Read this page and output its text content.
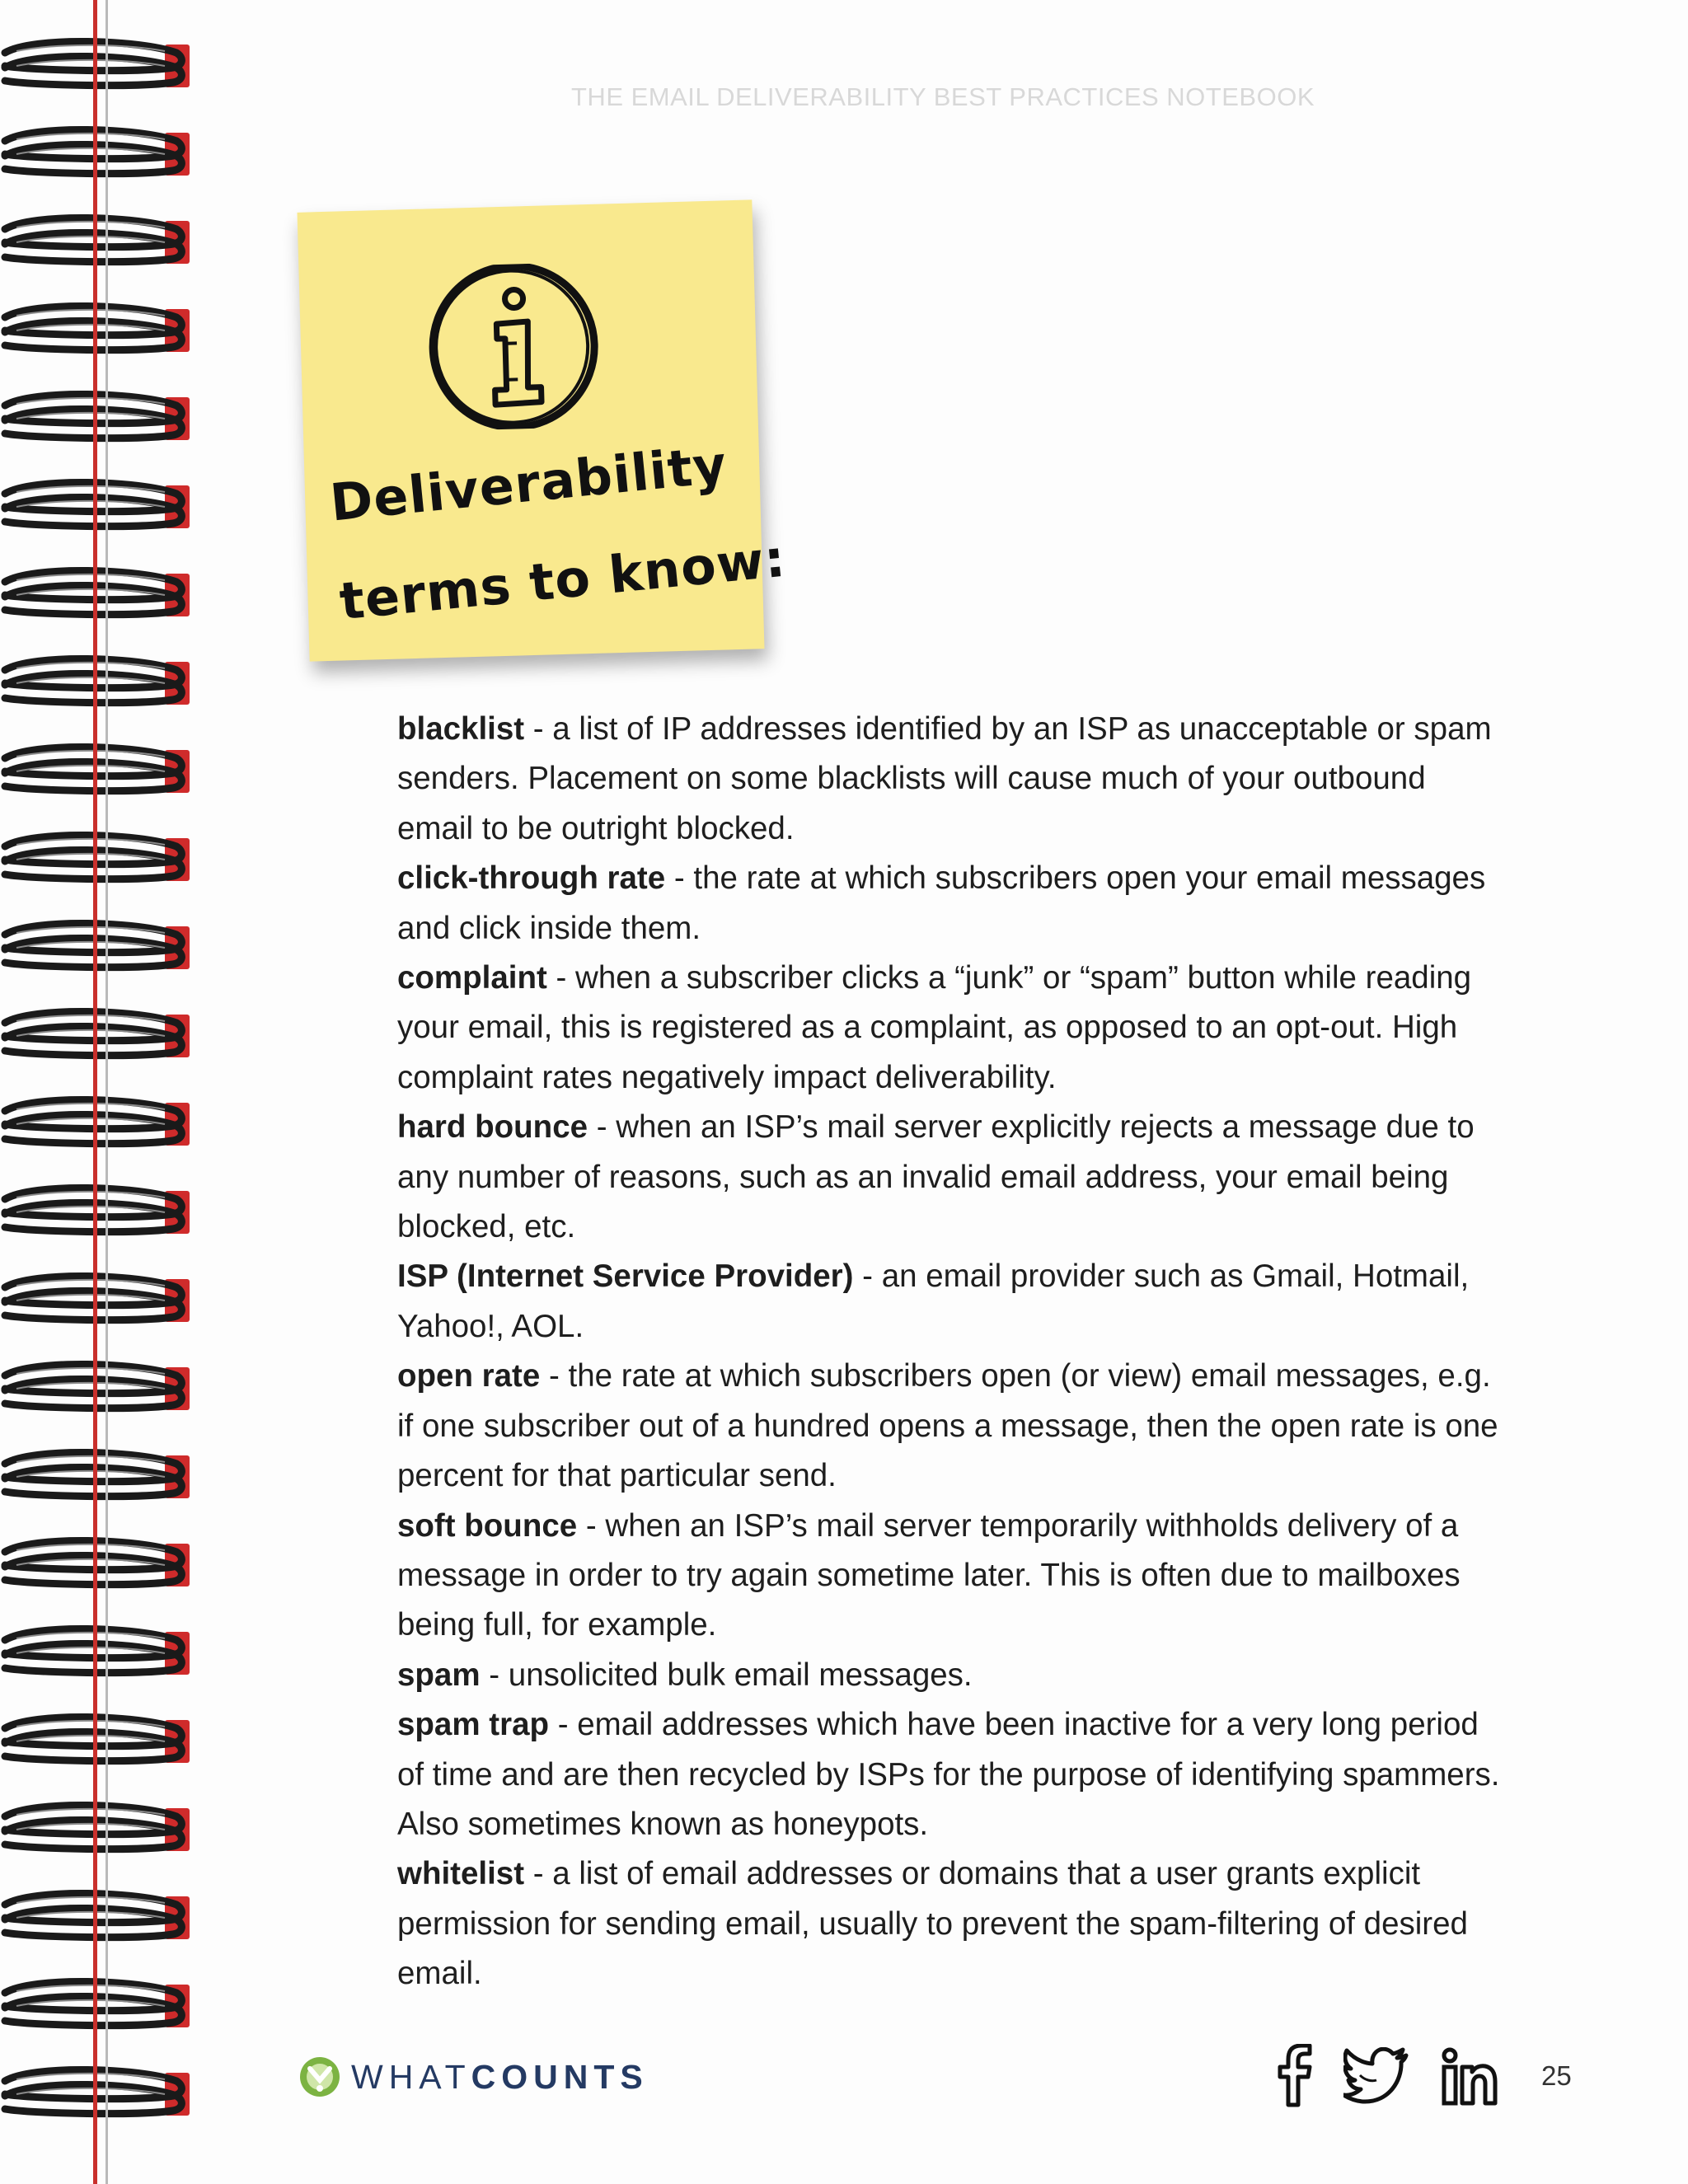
THE EMAIL DELIVERABILITY BEST PRACTICES NOTEBOOK
Deliverability
terms to know:

blacklist - a list of IP addresses identified by an ISP as unacceptable or spam senders. Placement on some blacklists will cause much of your outbound email to be outright blocked.

click-through rate - the rate at which subscribers open your email messages and click inside them.

complaint - when a subscriber clicks a “junk” or “spam” button while reading your email, this is registered as a complaint, as opposed to an opt-out. High complaint rates negatively impact deliverability.

hard bounce - when an ISP’s mail server explicitly rejects a message due to any number of reasons, such as an invalid email address, your email being blocked, etc.

ISP (Internet Service Provider) - an email provider such as Gmail, Hotmail, Yahoo!, AOL.

open rate - the rate at which subscribers open (or view) email messages, e.g. if one subscriber out of a hundred opens a message, then the open rate is one percent for that particular send.

soft bounce - when an ISP’s mail server temporarily withholds delivery of a message in order to try again sometime later. This is often due to mailboxes being full, for example.

spam - unsolicited bulk email messages.

spam trap - email addresses which have been inactive for a very long period of time and are then recycled by ISPs for the purpose of identifying spammers. Also sometimes known as honeypots.

whitelist - a list of email addresses or domains that a user grants explicit permission for sending email, usually to prevent the spam-filtering of desired email.

WHATCOUNTS	25
